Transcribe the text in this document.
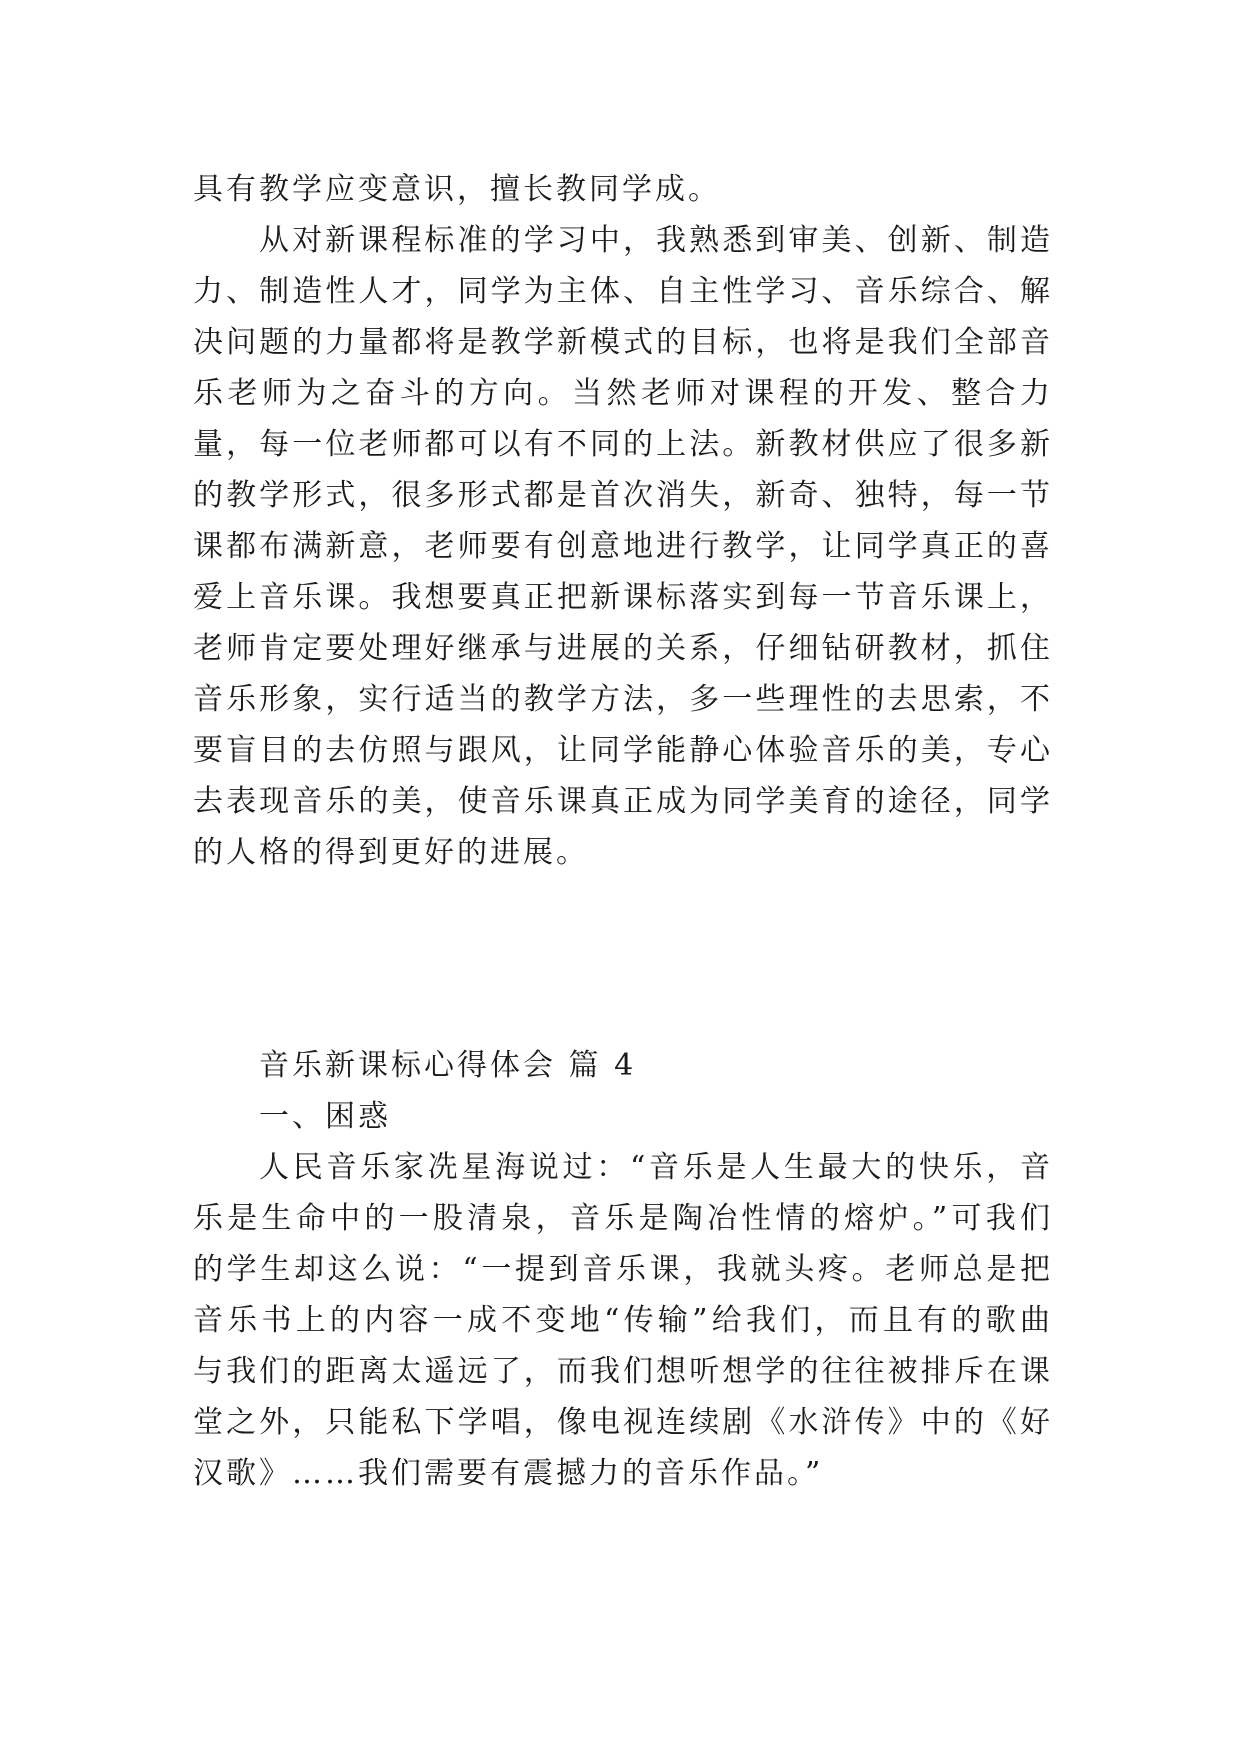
具有教学应变意识，擅长教同学成。

从对新课程标准的学习中，我熟悉到审美、创新、制造力、制造性人才，同学为主体、自主性学习、音乐综合、解决问题的力量都将是教学新模式的目标，也将是我们全部音乐老师为之奋斗的方向。当然老师对课程的开发、整合力量，每一位老师都可以有不同的上法。新教材供应了很多新的教学形式，很多形式都是首次消失，新奇、独特，每一节课都布满新意，老师要有创意地进行教学，让同学真正的喜爱上音乐课。我想要真正把新课标落实到每一节音乐课上，老师肯定要处理好继承与进展的关系，仔细钻研教材，抓住音乐形象，实行适当的教学方法，多一些理性的去思索，不要盲目的去仿照与跟风，让同学能静心体验音乐的美，专心去表现音乐的美，使音乐课真正成为同学美育的途径，同学的人格的得到更好的进展。

音乐新课标心得体会 篇 4
一、困惑

人民音乐家冼星海说过：“音乐是人生最大的快乐，音乐是生命中的一股清泉，音乐是陶冶性情的熔炉。”可我们的学生却这么说：“一提到音乐课，我就头疼。老师总是把音乐书上的内容一成不变地“传输”给我们，而且有的歌曲与我们的距离太遥远了，而我们想听想学的往往被排斥在课堂之外，只能私下学唱，像电视连续剧《水浒传》中的《好汉歌》……我们需要有震撼力的音乐作品。”
